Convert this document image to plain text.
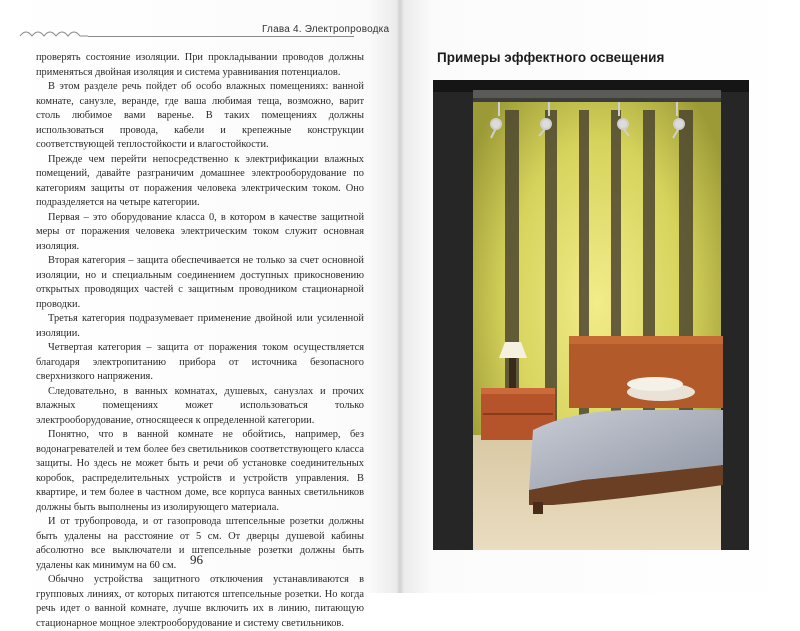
Глава 4. Электропроводка

проверять состояние изоляции. При прокладывании проводов должны применяться двойная изоляция и система уравнивания потенциалов.

В этом разделе речь пойдет об особо влажных помещениях: ванной комнате, санузле, веранде, где ваша любимая теща, возможно, варит столь любимое вами варенье. В таких помещениях должны использоваться провода, кабели и крепежные конструкции соответствующей теплостойкости и влагостойкости.

Прежде чем перейти непосредственно к электрификации влажных помещений, давайте разграничим домашнее электрооборудование по категориям защиты от поражения человека электрическим током. Оно подразделяется на четыре категории.

Первая – это оборудование класса 0, в котором в качестве защитной меры от поражения человека электрическим током служит основная изоляция.

Вторая категория – защита обеспечивается не только за счет основной изоляции, но и специальным соединением доступных прикосновению открытых проводящих частей с защитным проводником стационарной проводки.

Третья категория подразумевает применение двойной или усиленной изоляции.

Четвертая категория – защита от поражения током осуществляется благодаря электропитанию прибора от источника безопасного сверхнизкого напряжения.

Следовательно, в ванных комнатах, душевых, санузлах и прочих влажных помещениях может использоваться только электрооборудование, относящееся к определенной категории.

Понятно, что в ванной комнате не обойтись, например, без водонагревателей и тем более без светильников соответствующего класса защиты. Но здесь не может быть и речи об установке соединительных коробок, распределительных устройств и устройств управления. В квартире, и тем более в частном доме, все корпуса ванных светильников должны быть выполнены из изолирующего материала.

И от трубопровода, и от газопровода штепсельные розетки должны быть удалены на расстояние от 5 см. От дверцы душевой кабины абсолютно все выключатели и штепсельные розетки должны быть удалены как минимум на 60 см.

Обычно устройства защитного отключения устанавливаются в групповых линиях, от которых питаются штепсельные розетки. Но когда речь идет о ванной комнате, лучше включить их в линию, питающую стационарное мощное электрооборудование и систему светильников.

96
Примеры эффектного освещения
